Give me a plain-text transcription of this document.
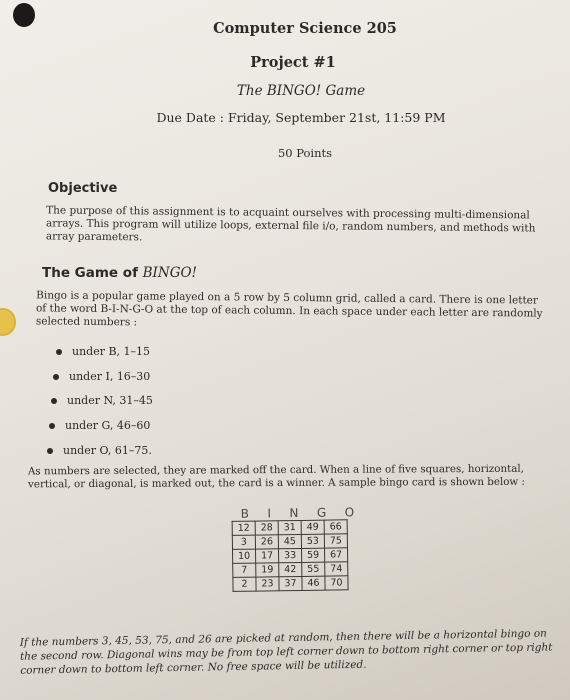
Computer Science 205
Project #1
The BINGO! Game
Due Date : Friday, September 21st, 11:59 PM
50 Points
Objective
The purpose of this assignment is to acquaint ourselves with processing multi-dimensional arrays. This program will utilize loops, external file i/o, random numbers, and methods with array parameters.
The Game of BINGO!
Bingo is a popular game played on a 5 row by 5 column grid, called a card. There is one letter of the word B-I-N-G-O at the top of each column. In each space under each letter are randomly selected numbers :
under B, 1–15
under I, 16–30
under N, 31–45
under G, 46–60
under O, 61–75.
As numbers are selected, they are marked off the card. When a line of five squares, horizontal, vertical, or diagonal, is marked out, the card is a winner. A sample bingo card is shown below :
B I N G O
12	28	31	49	66
3	26	45	53	75
10	17	33	59	67
7	19	42	55	74
2	23	37	46	70
If the numbers 3, 45, 53, 75, and 26 are picked at random, then there will be a horizontal bingo on the second row. Diagonal wins may be from top left corner down to bottom right corner or top right corner down to bottom left corner. No free space will be utilized.
